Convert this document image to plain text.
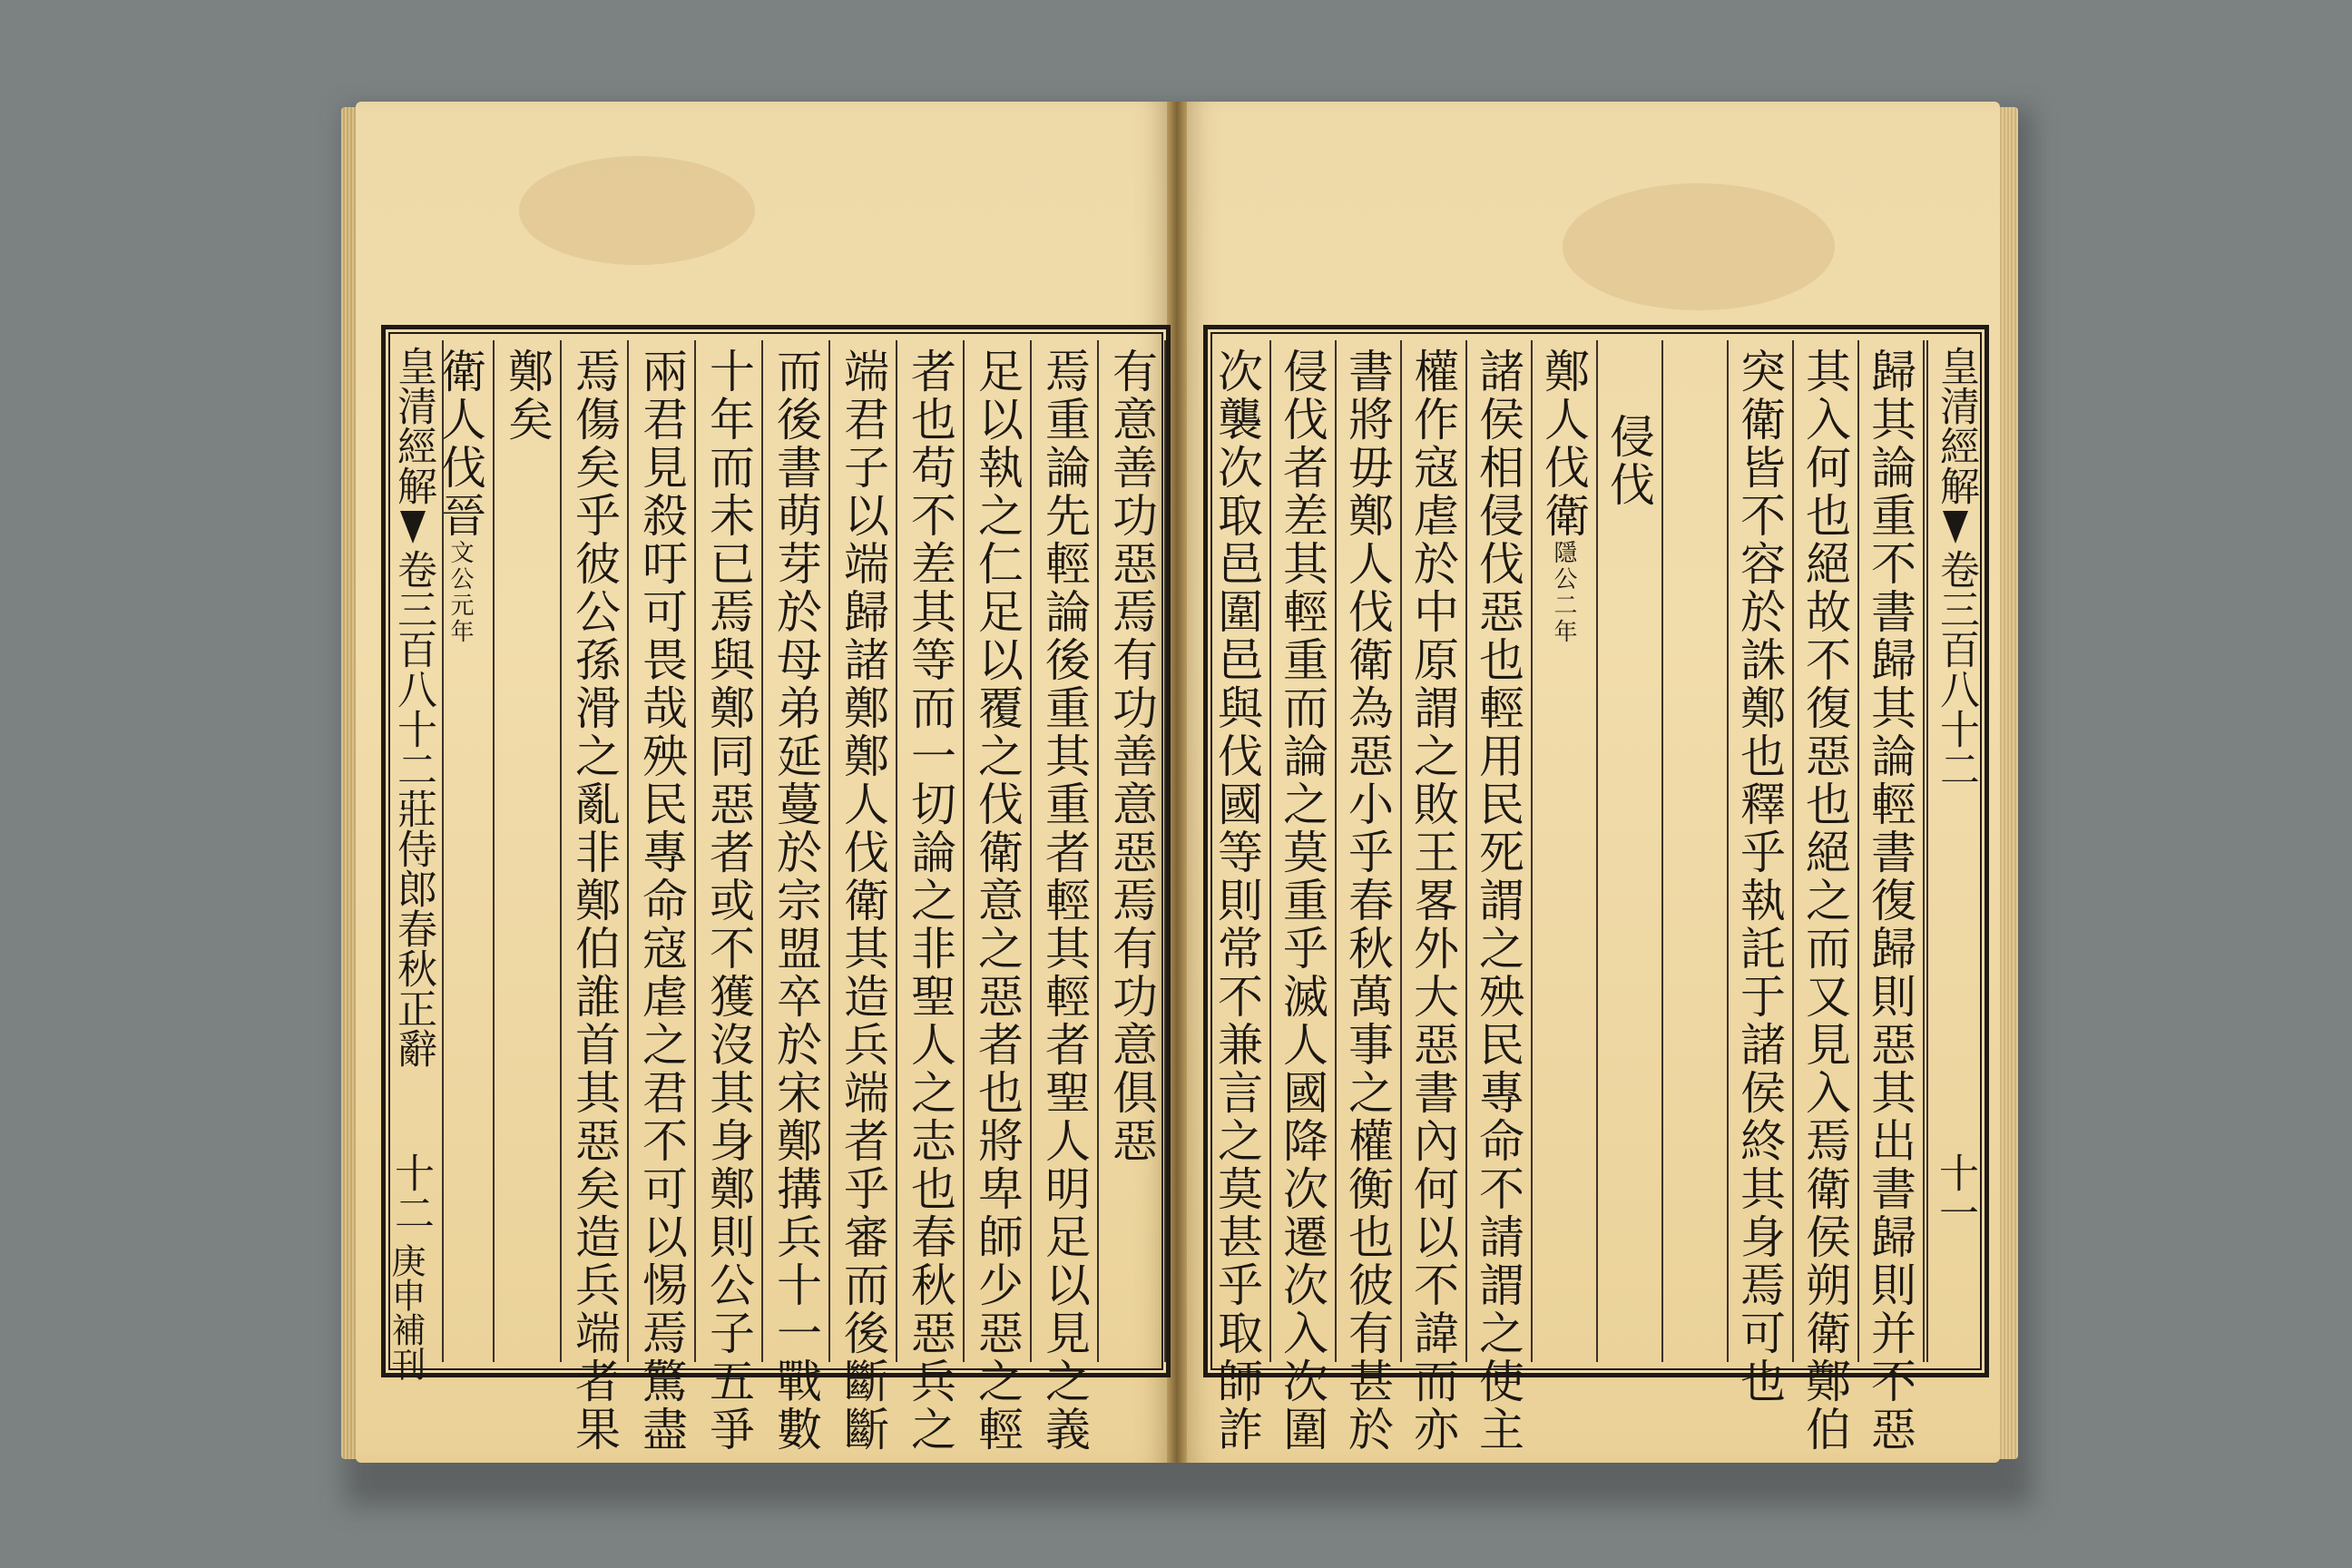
有意善功惡焉有功善意惡焉有功意俱惡
焉重論先輕論後重其重者輕其輕者聖人明足以見之義
足以執之仁足以覆之伐衛意之惡者也將卑師少惡之輕
者也苟不差其等而一切論之非聖人之志也春秋惡兵之
端君子以端歸諸鄭鄭人伐衛其造兵端者乎審而後斷斷
而後書萌芽於母弟延蔓於宗盟卒於宋鄭搆兵十一戰數
十年而未已焉與鄭同惡者或不獲沒其身鄭則公子五爭
兩君見殺吁可畏哉殃民專命寇虐之君不可以惕焉驚盡
焉傷矣乎彼公孫滑之亂非鄭伯誰首其惡矣造兵端者果
鄭矣
衛人伐晉文公元年
皇清經解卷三百八十二莊侍郎春秋正辭
皇清經解卷三百八十二
歸其論重不書歸其論輕書復歸則惡其出書歸則并不惡
其入何也絕故不復惡也絕之而又見入焉衛侯朔衛鄭伯
突衛皆不容於誅鄭也釋乎執託于諸侯終其身焉可也
侵伐
鄭人伐衛隱公二年
諸侯相侵伐惡也輕用民死謂之殃民專命不請謂之使主
權作寇虐於中原謂之敗王畧外大惡書內何以不諱而亦
書將毋鄭人伐衛為惡小乎春秋萬事之權衡也彼有甚於
侵伐者差其輕重而論之莫重乎滅人國降次遷次入次圍
次襲次取邑圍邑與伐國等則常不兼言之莫甚乎取師詐
十二
庚申補刊
十一
